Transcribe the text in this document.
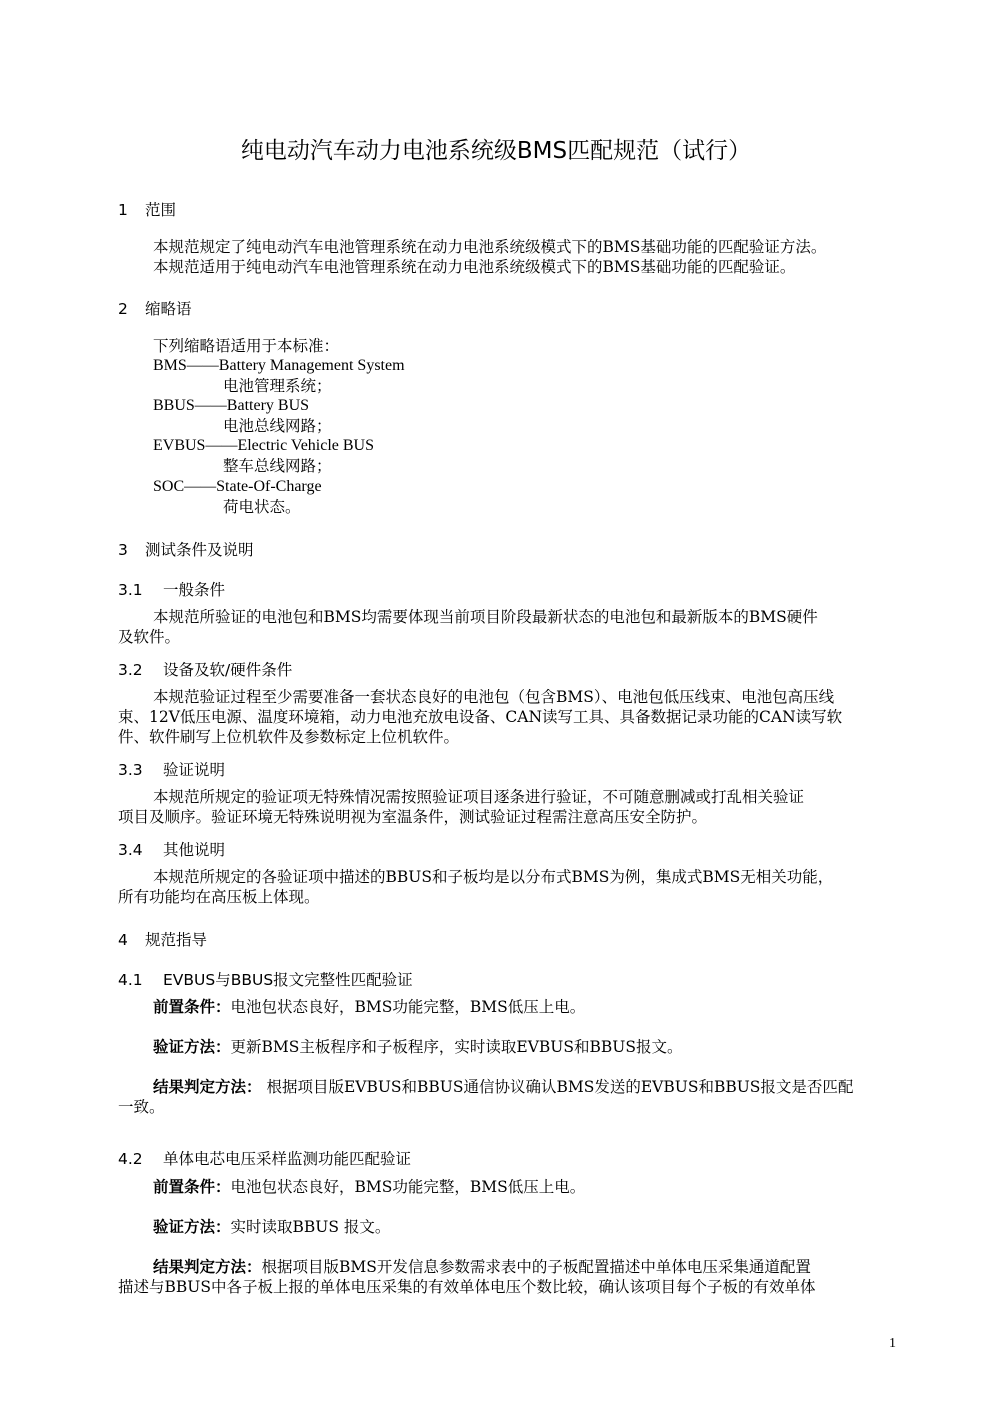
纯电动汽车动力电池系统级BMS匹配规范（试行）
1 范围
本规范规定了纯电动汽车电池管理系统在动力电池系统级模式下的BMS基础功能的匹配验证方法。
本规范适用于纯电动汽车电池管理系统在动力电池系统级模式下的BMS基础功能的匹配验证。
2 缩略语
下列缩略语适用于本标准：
BMS——Battery Management System
电池管理系统；
BBUS——Battery BUS
电池总线网路；
EVBUS——Electric Vehicle BUS
整车总线网路；
SOC——State-Of-Charge
荷电状态。
3 测试条件及说明
3.1 一般条件
本规范所验证的电池包和BMS均需要体现当前项目阶段最新状态的电池包和最新版本的BMS硬件
及软件。
3.2 设备及软/硬件条件
本规范验证过程至少需要准备一套状态良好的电池包（包含BMS）、电池包低压线束、电池包高压线
束、12V低压电源、温度环境箱，动力电池充放电设备、CAN读写工具、具备数据记录功能的CAN读写软
件、软件刷写上位机软件及参数标定上位机软件。
3.3 验证说明
本规范所规定的验证项无特殊情况需按照验证项目逐条进行验证，不可随意删减或打乱相关验证
项目及顺序。验证环境无特殊说明视为室温条件，测试验证过程需注意高压安全防护。
3.4 其他说明
本规范所规定的各验证项中描述的BBUS和子板均是以分布式BMS为例，集成式BMS无相关功能，
所有功能均在高压板上体现。
4 规范指导
4.1 EVBUS与BBUS报文完整性匹配验证
前置条件：电池包状态良好，BMS功能完整，BMS低压上电。
验证方法：更新BMS主板程序和子板程序，实时读取EVBUS和BBUS报文。
结果判定方法： 根据项目版EVBUS和BBUS通信协议确认BMS发送的EVBUS和BBUS报文是否匹配
一致。
4.2 单体电芯电压采样监测功能匹配验证
前置条件：电池包状态良好，BMS功能完整，BMS低压上电。
验证方法：实时读取BBUS 报文。
结果判定方法：根据项目版BMS开发信息参数需求表中的子板配置描述中单体电压采集通道配置
描述与BBUS中各子板上报的单体电压采集的有效单体电压个数比较，确认该项目每个子板的有效单体
1
